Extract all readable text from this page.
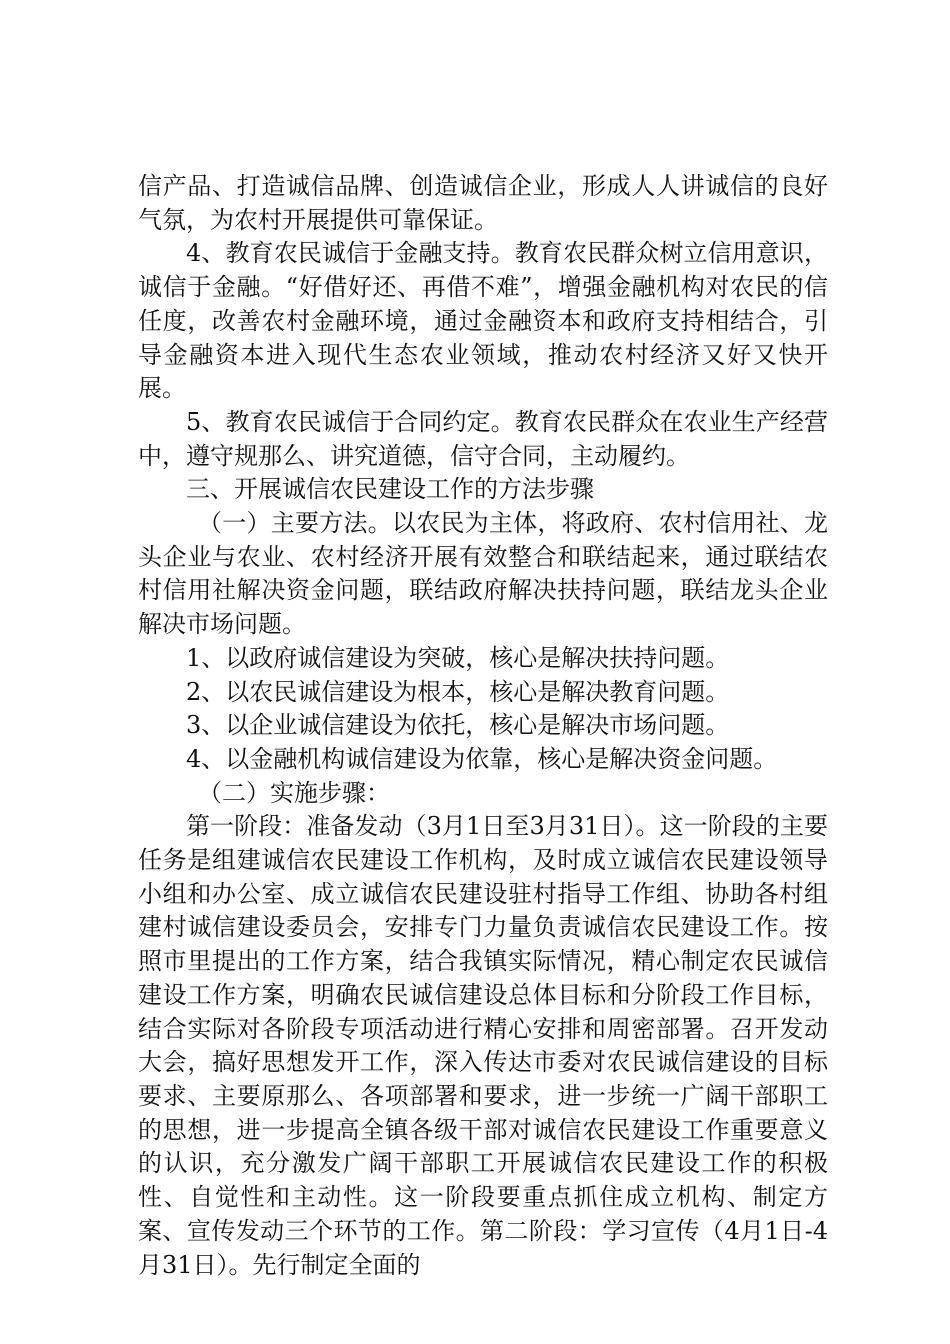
信产品、打造诚信品牌、创造诚信企业，形成人人讲诚信的良好气氛，为农村开展提供可靠保证。

4、教育农民诚信于金融支持。教育农民群众树立信用意识，诚信于金融。“好借好还、再借不难”，增强金融机构对农民的信任度，改善农村金融环境，通过金融资本和政府支持相结合，引导金融资本进入现代生态农业领域，推动农村经济又好又快开展。

5、教育农民诚信于合同约定。教育农民群众在农业生产经营中，遵守规那么、讲究道德，信守合同，主动履约。

三、开展诚信农民建设工作的方法步骤

（一）主要方法。以农民为主体，将政府、农村信用社、龙头企业与农业、农村经济开展有效整合和联结起来，通过联结农村信用社解决资金问题，联结政府解决扶持问题，联结龙头企业解决市场问题。

1、以政府诚信建设为突破，核心是解决扶持问题。

2、以农民诚信建设为根本，核心是解决教育问题。

3、以企业诚信建设为依托，核心是解决市场问题。

4、以金融机构诚信建设为依靠，核心是解决资金问题。

（二）实施步骤：

第一阶段：准备发动（3月1日至3月31日）。这一阶段的主要任务是组建诚信农民建设工作机构，及时成立诚信农民建设领导小组和办公室、成立诚信农民建设驻村指导工作组、协助各村组建村诚信建设委员会，安排专门力量负责诚信农民建设工作。按照市里提出的工作方案，结合我镇实际情况，精心制定农民诚信建设工作方案，明确农民诚信建设总体目标和分阶段工作目标，结合实际对各阶段专项活动进行精心安排和周密部署。召开发动大会，搞好思想发开工作，深入传达市委对农民诚信建设的目标要求、主要原那么、各项部署和要求，进一步统一广阔干部职工的思想，进一步提高全镇各级干部对诚信农民建设工作重要意义的认识，充分激发广阔干部职工开展诚信农民建设工作的积极性、自觉性和主动性。这一阶段要重点抓住成立机构、制定方案、宣传发动三个环节的工作。第二阶段：学习宣传（4月1日-4月31日）。先行制定全面的
